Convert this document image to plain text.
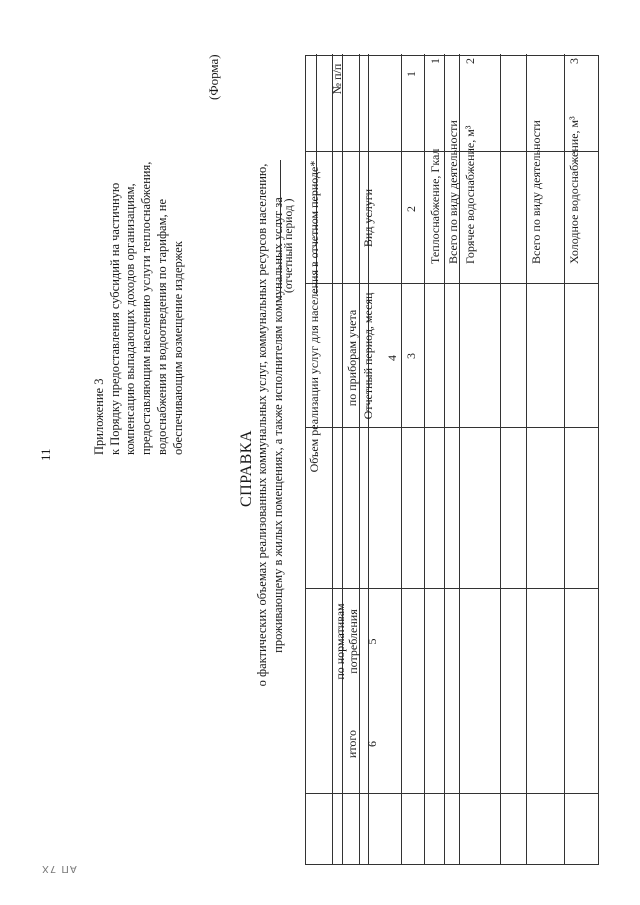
11	Приложение 3 к Порядку предоставления субсидий на частичную компенсацию выпадающих доходов организациям, предоставляющим населению услуги теплоснабжения, водоснабжения и водоотведения по тарифам, не обеспечивающим возмещение издержек
(Форма)
СПРАВКА о фактических объемах реализованных коммунальных услуг, коммунальных ресурсов населению, проживающему в жилых помещениях, а также исполнителям коммунальных услуг за
(отчетный период )
№ п/п
Вид услуги
Отчетный период, месяц
Объем реализации услуг для населения в отчетном периоде* по приборам учета
по нормативам потребления
итого
1
2
3
4
5
6
1
Теплоснабжение, Гкал Всего по виду деятельности
2
Горячее водоснабжение, м³	Всего по виду деятельности
3
Холодное водоснабжение, м³
АП 7Х
